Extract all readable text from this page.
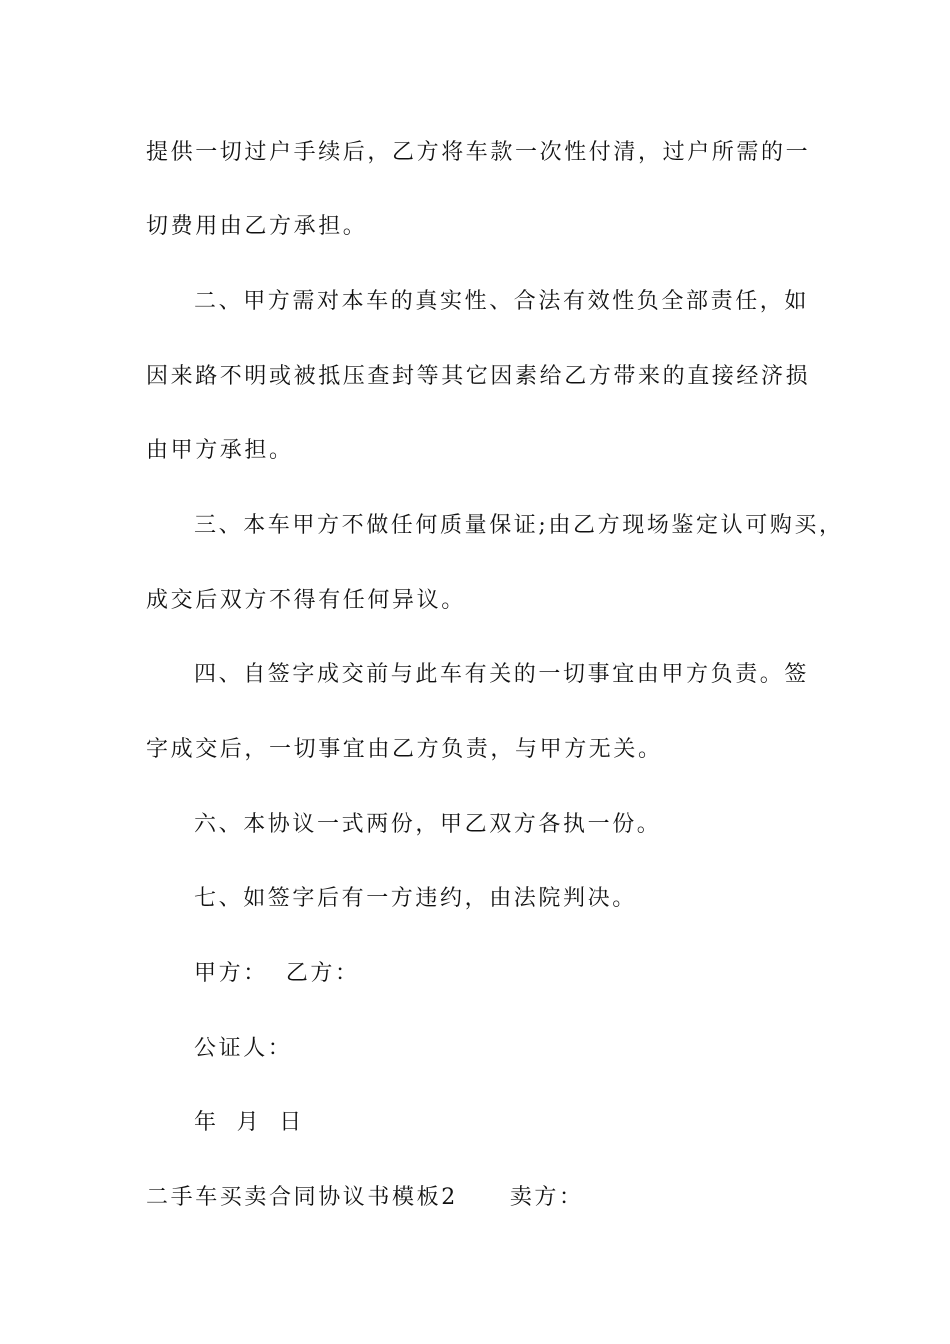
提供一切过户手续后，乙方将车款一次性付清，过户所需的一
切费用由乙方承担。
二、甲方需对本车的真实性、合法有效性负全部责任，如
因来路不明或被抵压查封等其它因素给乙方带来的直接经济损
由甲方承担。
三、本车甲方不做任何质量保证;由乙方现场鉴定认可购买，
成交后双方不得有任何异议。
四、自签字成交前与此车有关的一切事宜由甲方负责。签
字成交后，一切事宜由乙方负责，与甲方无关。
六、本协议一式两份，甲乙双方各执一份。
七、如签字后有一方违约，由法院判决。
甲方： 乙方：
公证人：
年 月 日
二手车买卖合同协议书模板2 卖方：
